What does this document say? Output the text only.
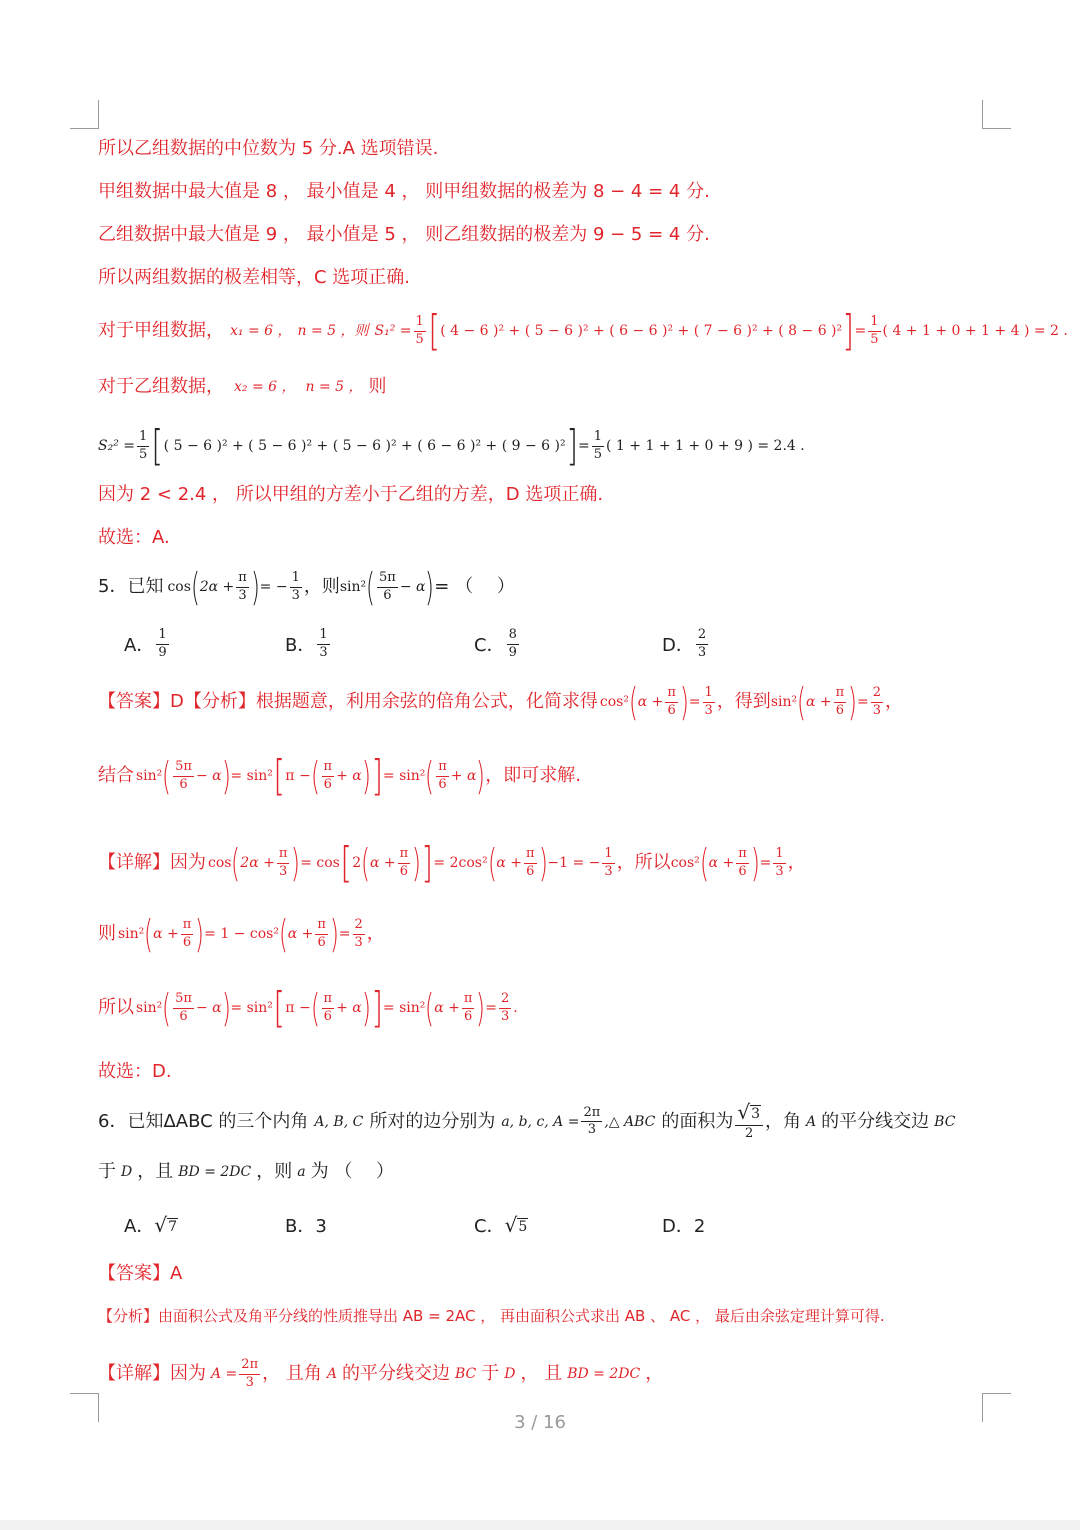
所以乙组数据的中位数为 5 分.A 选项错误.
甲组数据中最大值是 8 ， 最小值是 4 ， 则甲组数据的极差为 8 − 4 = 4 分.
乙组数据中最大值是 9 ， 最小值是 5 ， 则乙组数据的极差为 9 − 5 = 4 分.
所以两组数据的极差相等，C 选项正确.
对于甲组数据， x₁ = 6 ， n = 5 ，则 $S_1^2 = \frac{1}{5}$ [ ( 4 − 6 )² + ( 5 − 6 )² + ( 6 − 6 )² + ( 7 − 6 )² + ( 8 − 6 )² ] = $\frac{1}{5}$ ( 4 + 1 + 0 + 1 + 4 ) = 2 .
对于乙组数据， x₂ = 6 ， n = 5 ， 则
$S_2^2 = \frac{1}{5}$ [ ( 5 − 6 )² + ( 5 − 6 )² + ( 5 − 6 )² + ( 6 − 6 )² + ( 9 − 6 )² ] = $\frac{1}{5}$ ( 1 + 1 + 1 + 0 + 9 ) = 2.4 .
因为 2 < 2.4 ， 所以甲组的方差小于乙组的方差，D 选项正确.
故选：A.
5．已知 cos ( $2\alpha + \frac{\pi}{3}$ ) = − $\frac{1}{3}$ ，则 sin² ( $\frac{5\pi}{6} - \alpha$ ) = （　 ）
A． $\frac{1}{9}$	B． $\frac{1}{3}$	C． $\frac{8}{9}$	D． $\frac{2}{3}$
【答案】D【分析】 根据题意，利用余弦的倍角公式，化简求得 cos² ( $\alpha + \frac{\pi}{6}$ ) = $\frac{1}{3}$ ，得到 sin² ( $\alpha + \frac{\pi}{6}$ ) = $\frac{2}{3}$ ，
结合 sin² ( $\frac{5\pi}{6} - \alpha$ ) = sin² [ π − ( $\frac{\pi}{6} + \alpha$ ) ] = sin² ( $\frac{\pi}{6} + \alpha$ ) ，即可求解.
【详解】 因为 cos ( $2\alpha + \frac{\pi}{3}$ ) = cos [ 2 ( $\alpha + \frac{\pi}{6}$ ) ] = 2cos² ( $\alpha + \frac{\pi}{6}$ ) −1 = − $\frac{1}{3}$ ，所以 cos² ( $\alpha + \frac{\pi}{6}$ ) = $\frac{1}{3}$ ，
则 sin² ( $\alpha + \frac{\pi}{6}$ ) = 1 − cos² ( $\alpha + \frac{\pi}{6}$ ) = $\frac{2}{3}$ ，
所以 sin² ( $\frac{5\pi}{6} - \alpha$ ) = sin² [ π − ( $\frac{\pi}{6} + \alpha$ ) ] = sin² ( $\alpha + \frac{\pi}{6}$ ) = $\frac{2}{3}$ .
故选：D.
6．已知ΔABC 的三个内角 A, B, C 所对的边分别为 a, b, c, $A = \frac{2\pi}{3}$ ,△ ABC 的面积为 $\frac{√ 3}{2}$ ，角 A 的平分线交边 BC
于 D ，且 BD = 2DC ，则 a 为 （　 ）
A． √ 7	B．3	C． √ 5	D．2
【答案】A
【分析】 由面积公式及角平分线的性质推导出 AB = 2AC ， 再由面积公式求出 AB 、 AC ， 最后由余弦定理计算可得.
【详解】 因为 $A = \frac{2\pi}{3}$ ， 且角 A 的平分线交边 BC 于 D ， 且 BD = 2DC ，
3 / 16
